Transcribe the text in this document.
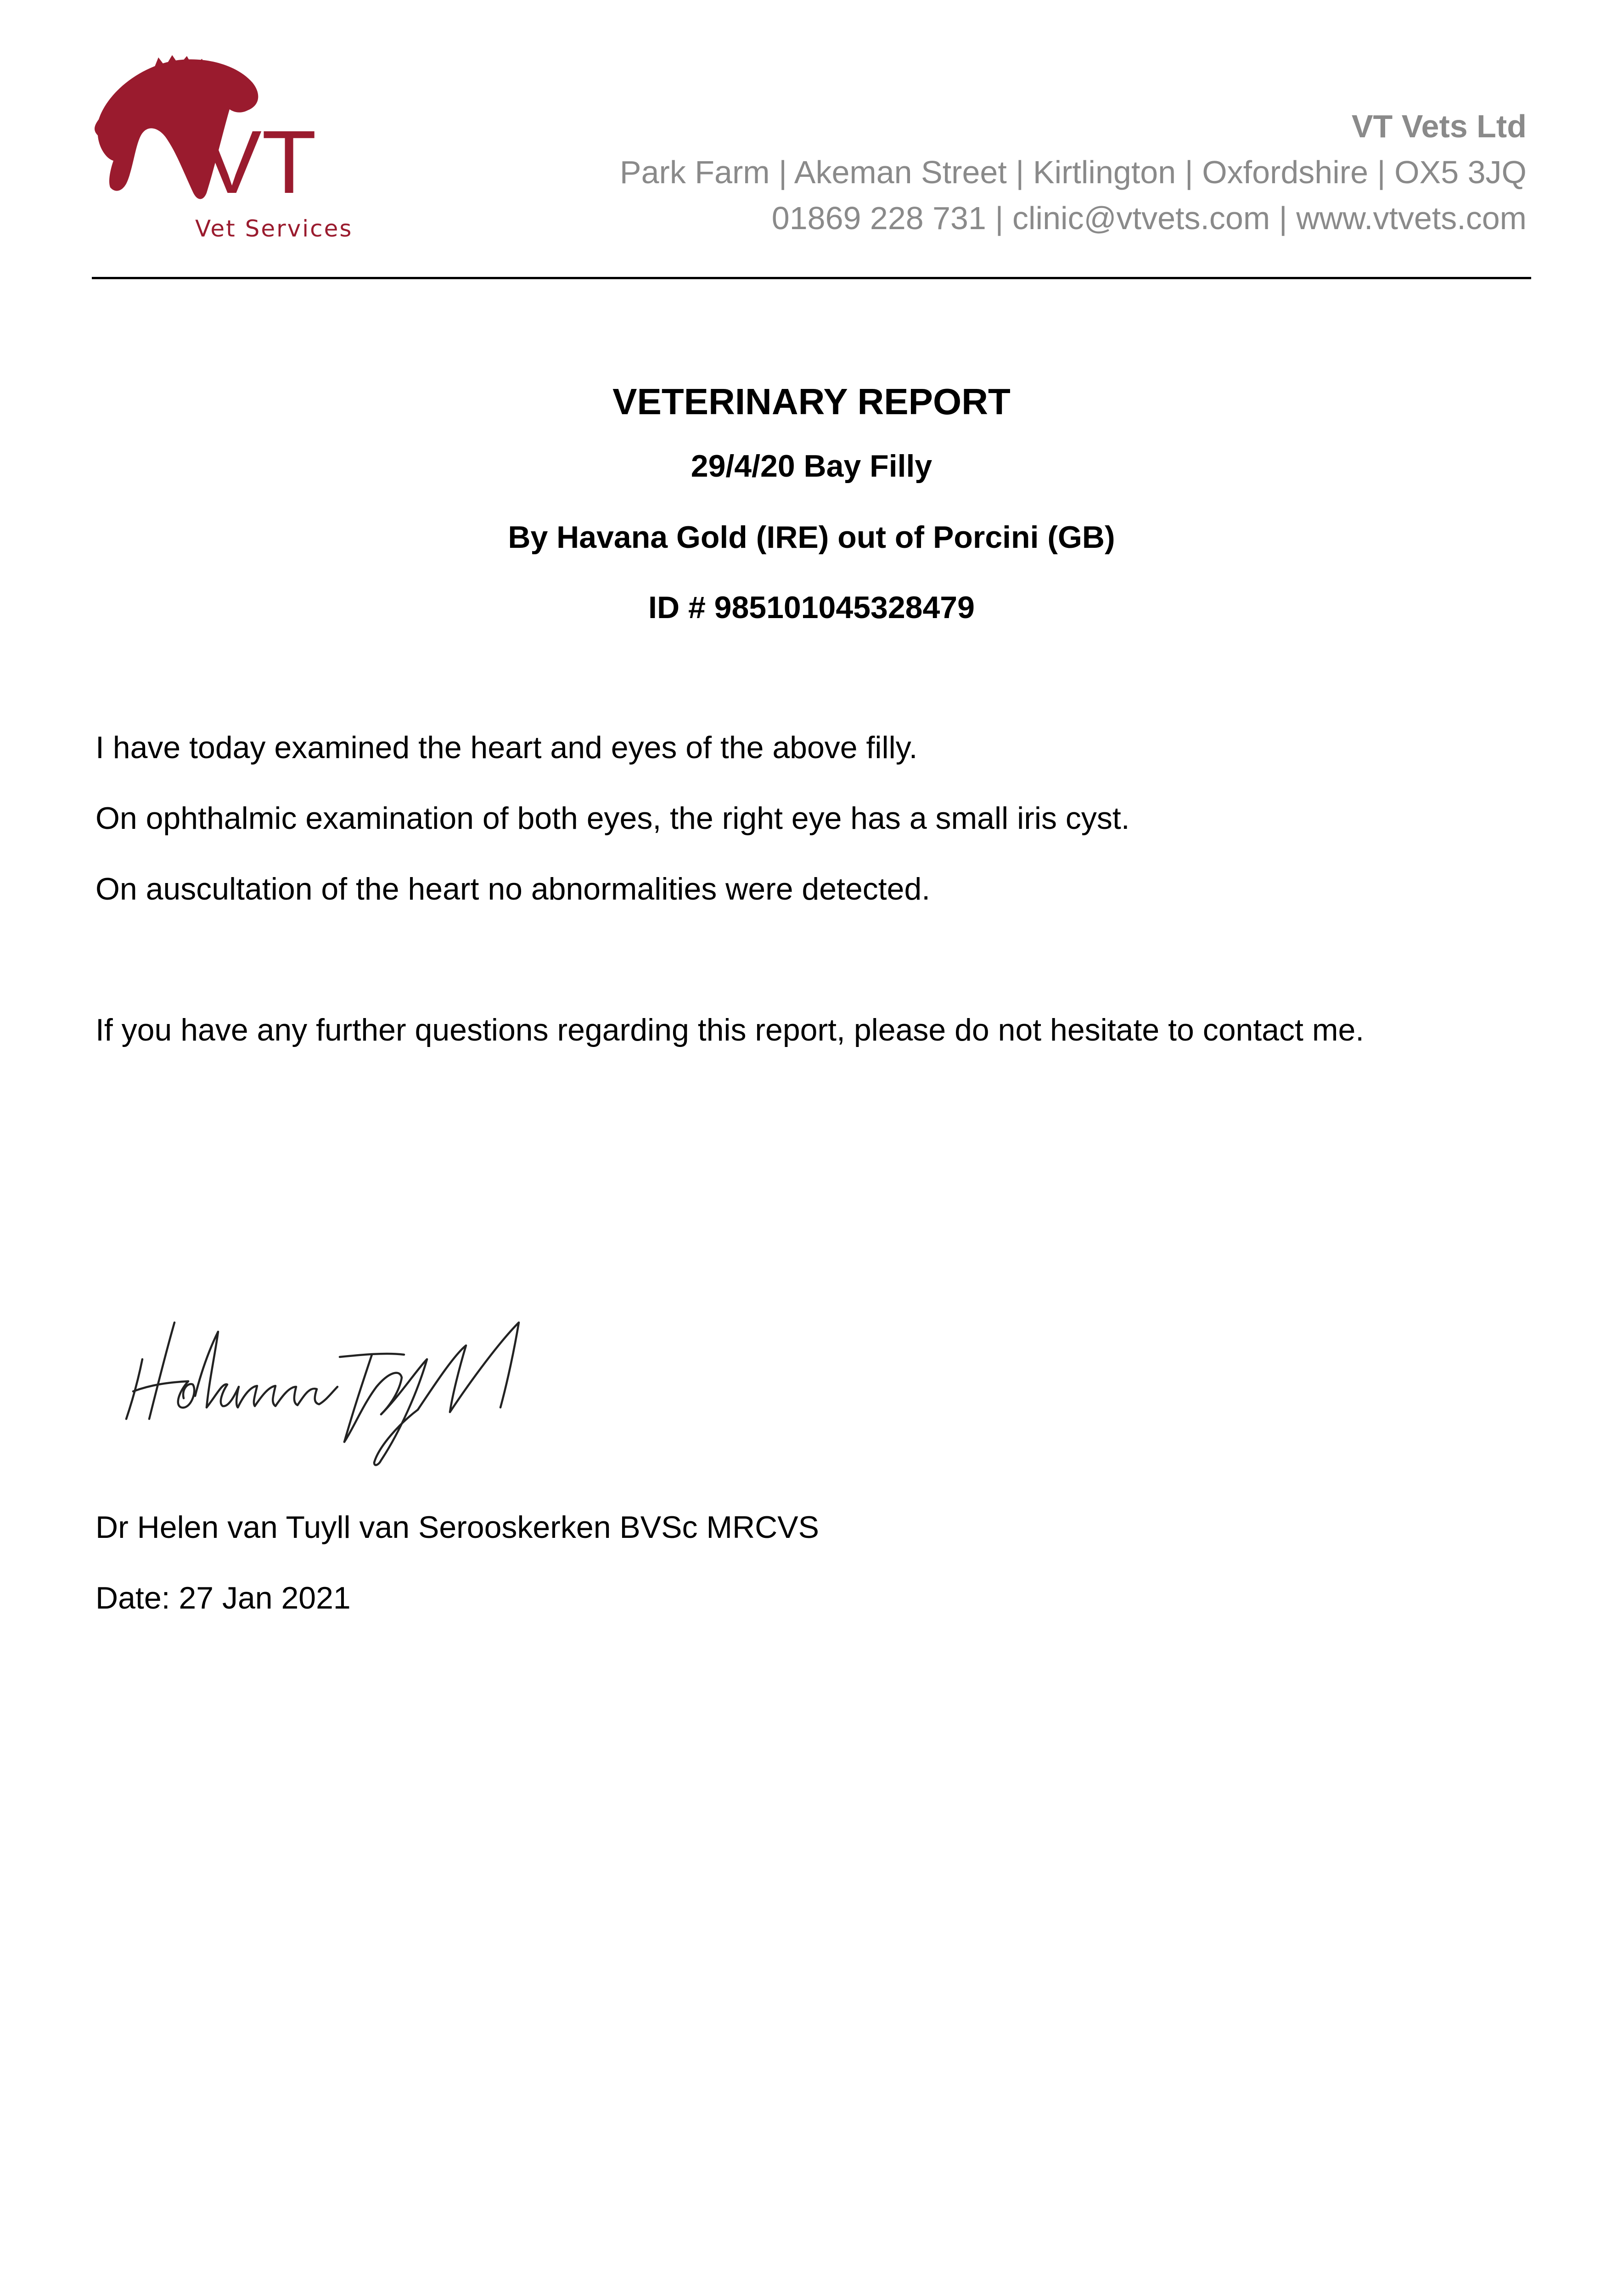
VT
Vet Services
VT Vets Ltd
Park Farm | Akeman Street | Kirtlington | Oxfordshire | OX5 3JQ
01869 228 731 | clinic@vtvets.com | www.vtvets.com
VETERINARY REPORT
29/4/20 Bay Filly
By Havana Gold (IRE) out of Porcini (GB)
ID # 985101045328479
I have today examined the heart and eyes of the above filly.
On ophthalmic examination of both eyes, the right eye has a small iris cyst.
On auscultation of the heart no abnormalities were detected.
If you have any further questions regarding this report, please do not hesitate to contact me.
Dr Helen van Tuyll van Serooskerken BVSc MRCVS
Date: 27 Jan 2021
